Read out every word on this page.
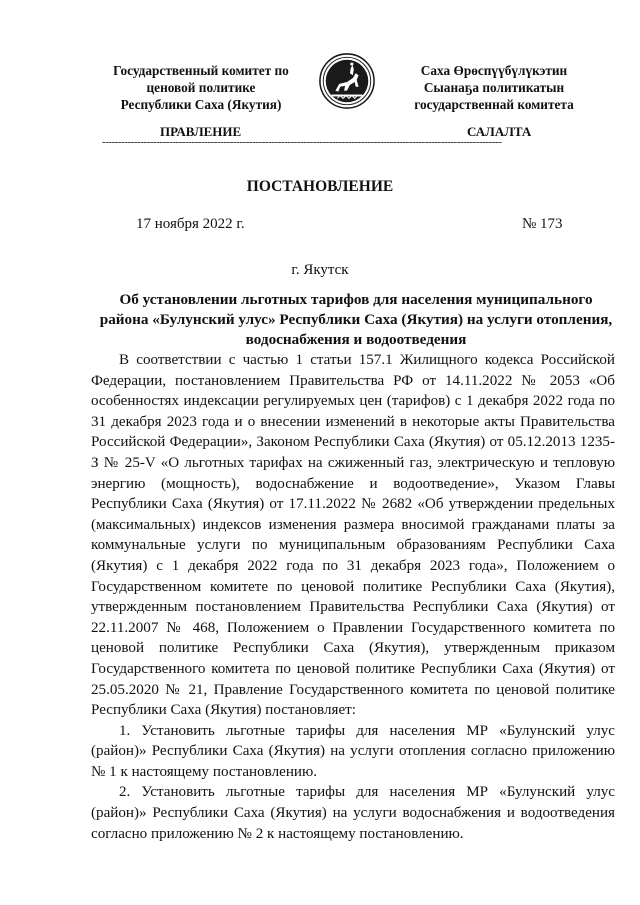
Государственный комитет по
ценовой политике
Республики Саха (Якутия)
Саха Өрөспүүбүлүкэтин
Сыанаҕа политикатын
государственнай комитета
ПРАВЛЕНИЕ	САЛАЛТА
-----------------------------------------------------------------------------------------------------------------------------
ПОСТАНОВЛЕНИЕ
17 ноября 2022 г.	№ 173
г. Якутск
Об установлении льготных тарифов для населения муниципального района «Булунский улус» Республики Саха (Якутия) на услуги отопления, водоснабжения и водоотведения

В соответствии с частью 1 статьи 157.1 Жилищного кодекса Российской Федерации, постановлением Правительства РФ от 14.11.2022 № 2053 «Об особенностях индексации регулируемых цен (тарифов) с 1 декабря 2022 года по 31 декабря 2023 года и о внесении изменений в некоторые акты Правительства Российской Федерации», Законом Республики Саха (Якутия) от 05.12.2013 1235-З № 25-V «О льготных тарифах на сжиженный газ, электрическую и тепловую энергию (мощность), водоснабжение и водоотведение», Указом Главы Республики Саха (Якутия) от 17.11.2022 № 2682 «Об утверждении предельных (максимальных) индексов изменения размера вносимой гражданами платы за коммунальные услуги по муниципальным образованиям Республики Саха (Якутия) с 1 декабря 2022 года по 31 декабря 2023 года», Положением о Государственном комитете по ценовой политике Республики Саха (Якутия), утвержденным постановлением Правительства Республики Саха (Якутия) от 22.11.2007 № 468, Положением о Правлении Государственного комитета по ценовой политике Республики Саха (Якутия), утвержденным приказом Государственного комитета по ценовой политике Республики Саха (Якутия) от 25.05.2020 № 21, Правление Государственного комитета по ценовой политике Республики Саха (Якутия) постановляет:

1. Установить льготные тарифы для населения МР «Булунский улус (район)» Республики Саха (Якутия) на услуги отопления согласно приложению № 1 к настоящему постановлению.

2. Установить льготные тарифы для населения МР «Булунский улус (район)» Республики Саха (Якутия) на услуги водоснабжения и водоотведения согласно приложению № 2 к настоящему постановлению.
